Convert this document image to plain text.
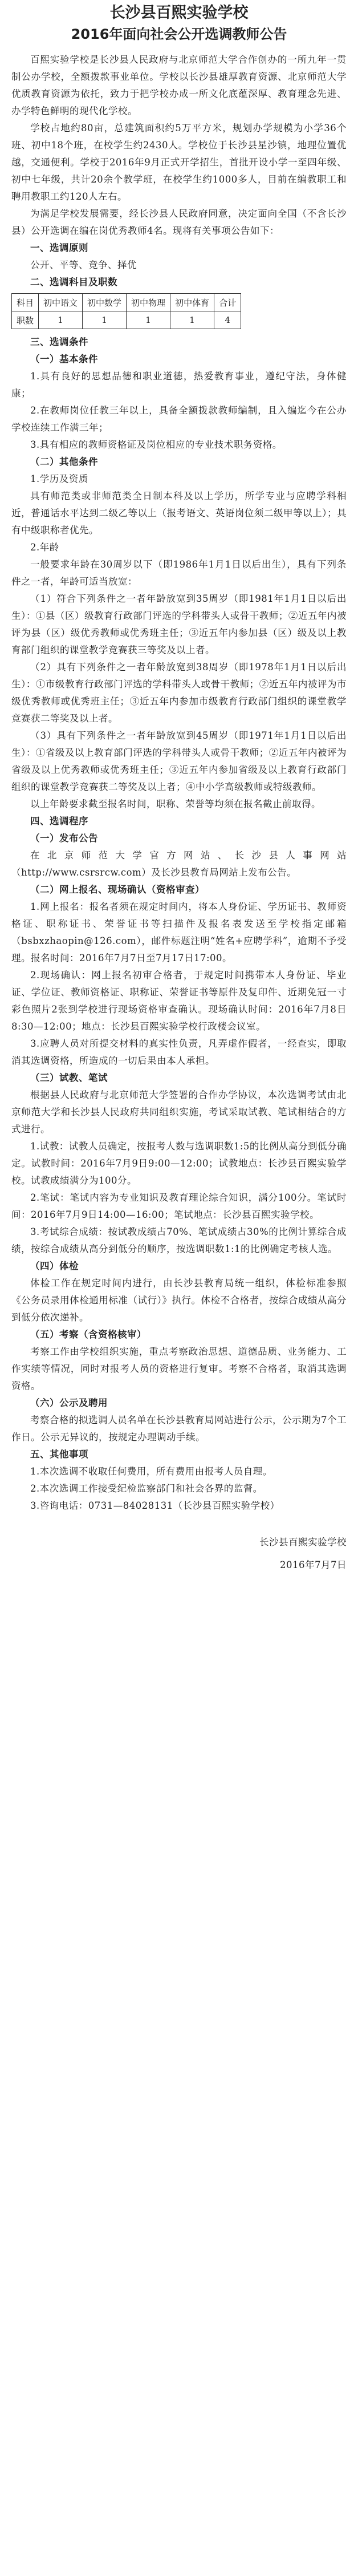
长沙县百熙实验学校
2016年面向社会公开选调教师公告

百熙实验学校是长沙县人民政府与北京师范大学合作创办的一所九年一贯制公办学校，全额拨款事业单位。学校以长沙县雄厚教育资源、北京师范大学优质教育资源为依托，致力于把学校办成一所文化底蕴深厚、教育理念先进、办学特色鲜明的现代化学校。

学校占地约80亩，总建筑面积约5万平方米，规划办学规模为小学36个班、初中18个班，在校学生约2430人。学校位于长沙县星沙镇，地理位置优越，交通便利。学校于2016年9月正式开学招生，首批开设小学一至四年级、初中七年级，共计20余个教学班，在校学生约1000多人，目前在编教职工和聘用教职工约120人左右。

为满足学校发展需要，经长沙县人民政府同意，决定面向全国（不含长沙县）公开选调在编在岗优秀教师4名。现将有关事项公告如下：

一、选调原则

公开、平等、竞争、择优

二、选调科目及职数

科目	初中语文	初中数学	初中物理	初中体育	合计
职数	1	1	1	1	4

三、选调条件

（一）基本条件

1.具有良好的思想品德和职业道德，热爱教育事业，遵纪守法，身体健康；

2.在教师岗位任教三年以上，具备全额拨款教师编制，且入编迄今在公办学校连续工作满三年；

3.具有相应的教师资格证及岗位相应的专业技术职务资格。

（二）其他条件

1.学历及资质

具有师范类或非师范类全日制本科及以上学历，所学专业与应聘学科相近，普通话水平达到二级乙等以上（报考语文、英语岗位须二级甲等以上）；具有中级职称者优先。

2.年龄

一般要求年龄在30周岁以下（即1986年1月1日以后出生），具有下列条件之一者，年龄可适当放宽：

（1）符合下列条件之一者年龄放宽到35周岁（即1981年1月1日以后出生）：①县（区）级教育行政部门评选的学科带头人或骨干教师；②近五年内被评为县（区）级优秀教师或优秀班主任；③近五年内参加县（区）级及以上教育部门组织的课堂教学竞赛获三等奖及以上者。

（2）具有下列条件之一者年龄放宽到38周岁（即1978年1月1日以后出生）：①市级教育行政部门评选的学科带头人或骨干教师；②近五年内被评为市级优秀教师或优秀班主任；③近五年内参加市级教育行政部门组织的课堂教学竞赛获二等奖及以上者。

（3）具有下列条件之一者年龄放宽到45周岁（即1971年1月1日以后出生）：①省级及以上教育部门评选的学科带头人或骨干教师；②近五年内被评为省级及以上优秀教师或优秀班主任；③近五年内参加省级及以上教育行政部门组织的课堂教学竞赛获二等奖及以上者；④中小学高级教师或特级教师。

以上年龄要求截至报名时间，职称、荣誉等均须在报名截止前取得。

四、选调程序

（一）发布公告

在北京师范大学官方网站、长沙县人事网站（http://www.csrsrcw.com）及长沙县教育局网站上发布公告。

（二）网上报名、现场确认（资格审查）

1.网上报名：报名者须在规定时间内，将本人身份证、学历证书、教师资格证、职称证书、荣誉证书等扫描件及报名表发送至学校指定邮箱（bsbxzhaopin@126.com），邮件标题注明“姓名+应聘学科”，逾期不予受理。报名时间：2016年7月7日至7月17日17:00。

2.现场确认：网上报名初审合格者，于规定时间携带本人身份证、毕业证、学位证、教师资格证、职称证、荣誉证书等原件及复印件、近期免冠一寸彩色照片2张到学校进行现场资格审查确认。现场确认时间：2016年7月8日8:30—12:00；地点：长沙县百熙实验学校行政楼会议室。

3.应聘人员对所提交材料的真实性负责，凡弄虚作假者，一经查实，即取消其选调资格，所造成的一切后果由本人承担。

（三）试教、笔试

根据县人民政府与北京师范大学签署的合作办学协议，本次选调考试由北京师范大学和长沙县人民政府共同组织实施，考试采取试教、笔试相结合的方式进行。

1.试教：试教人员确定，按报考人数与选调职数1:5的比例从高分到低分确定。试教时间：2016年7月9日9:00—12:00；试教地点：长沙县百熙实验学校。试教成绩满分为100分。

2.笔试：笔试内容为专业知识及教育理论综合知识，满分100分。笔试时间：2016年7月9日14:00—16:00；笔试地点：长沙县百熙实验学校。

3.考试综合成绩：按试教成绩占70%、笔试成绩占30%的比例计算综合成绩，按综合成绩从高分到低分的顺序，按选调职数1:1的比例确定考核人选。

（四）体检

体检工作在规定时间内进行，由长沙县教育局统一组织，体检标准参照《公务员录用体检通用标准（试行）》执行。体检不合格者，按综合成绩从高分到低分依次递补。

（五）考察（含资格核审）

考察工作由学校组织实施，重点考察政治思想、道德品质、业务能力、工作实绩等情况，同时对报考人员的资格进行复审。考察不合格者，取消其选调资格。

（六）公示及聘用

考察合格的拟选调人员名单在长沙县教育局网站进行公示，公示期为7个工作日。公示无异议的，按规定办理调动手续。

五、其他事项

1.本次选调不收取任何费用，所有费用由报考人员自理。

2.本次选调工作接受纪检监察部门和社会各界的监督。

3.咨询电话：0731—84028131（长沙县百熙实验学校）

长沙县百熙实验学校

2016年7月7日
